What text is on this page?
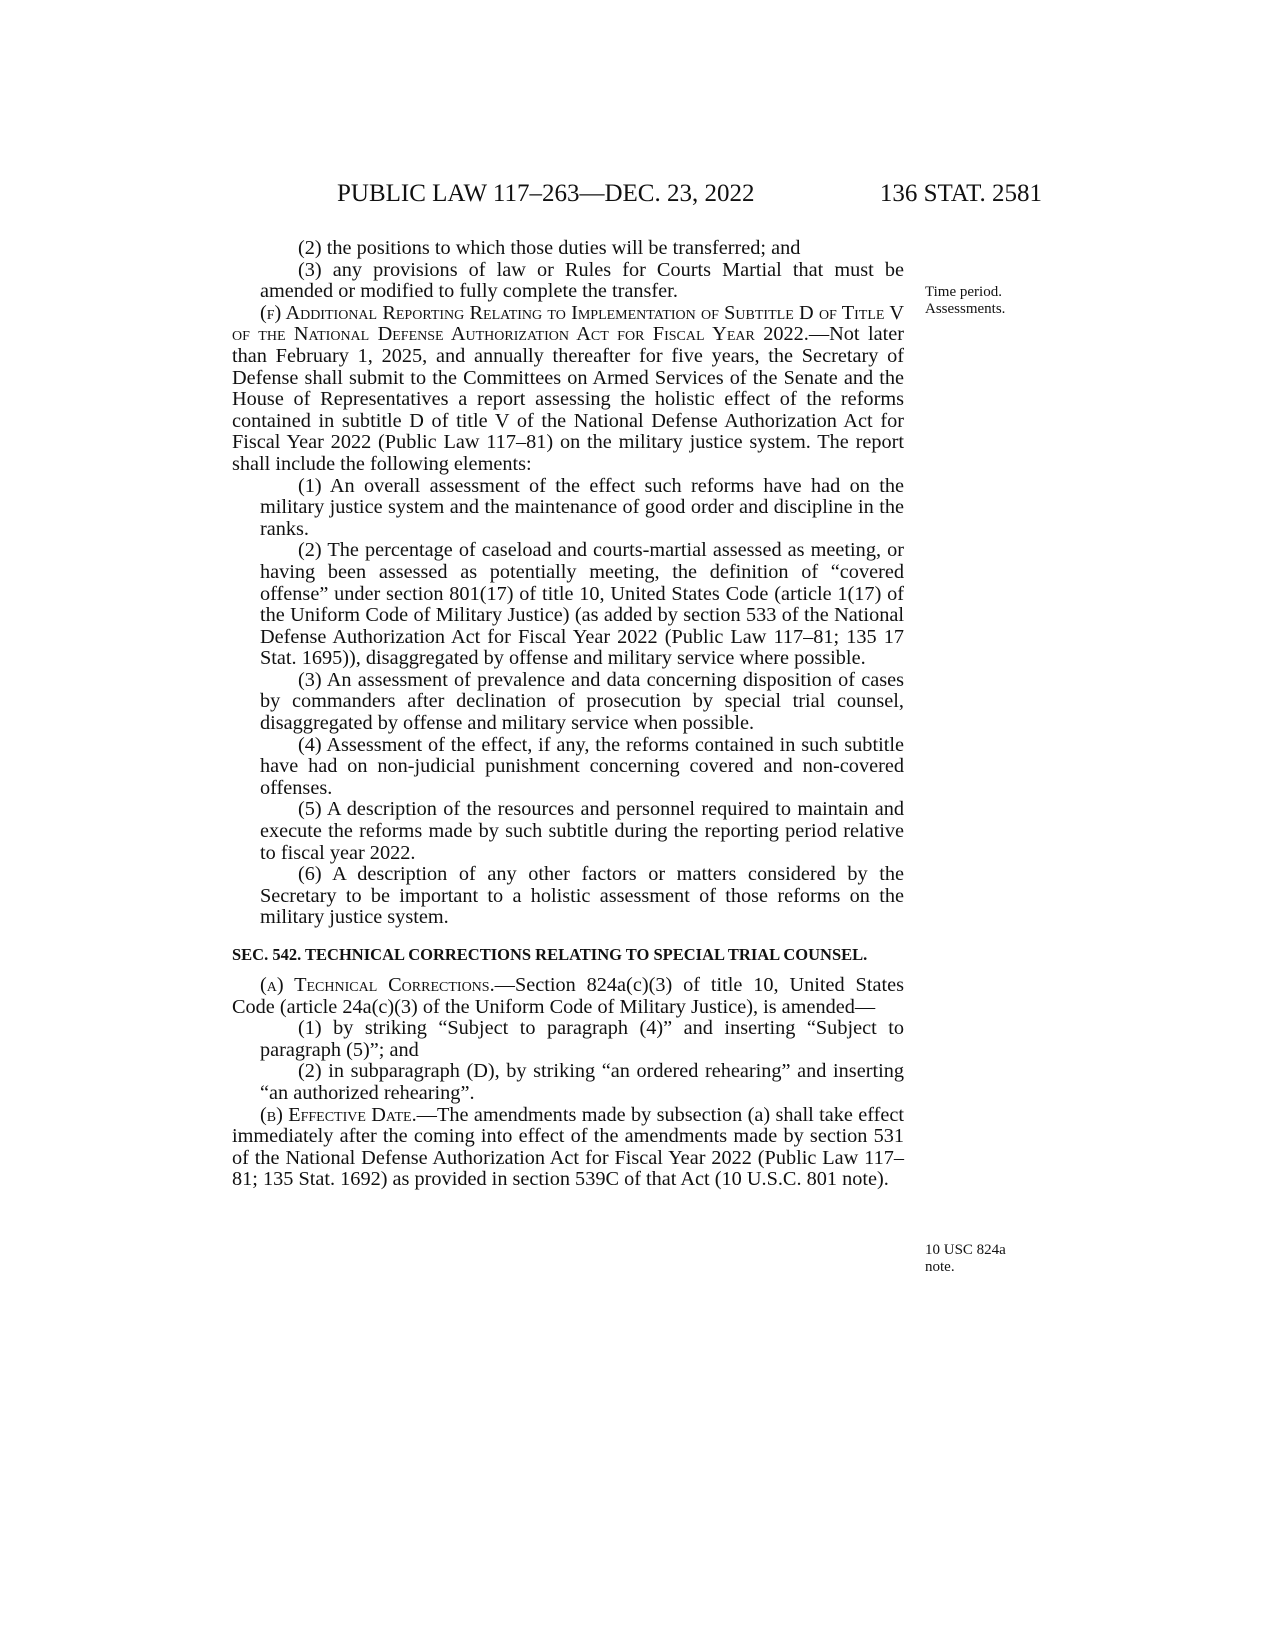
PUBLIC LAW 117–263—DEC. 23, 2022	136 STAT. 2581

(2) the positions to which those duties will be transferred; and

(3) any provisions of law or Rules for Courts Martial that must be amended or modified to fully complete the transfer.

(f) Additional Reporting Relating to Implementation of Subtitle D of Title V of the National Defense Authorization Act for Fiscal Year 2022.—Not later than February 1, 2025, and annually thereafter for five years, the Secretary of Defense shall submit to the Committees on Armed Services of the Senate and the House of Representatives a report assessing the holistic effect of the reforms contained in subtitle D of title V of the National Defense Authorization Act for Fiscal Year 2022 (Public Law 117–81) on the military justice system. The report shall include the following elements:

(1) An overall assessment of the effect such reforms have had on the military justice system and the maintenance of good order and discipline in the ranks.

(2) The percentage of caseload and courts-martial assessed as meeting, or having been assessed as potentially meeting, the definition of “covered offense” under section 801(17) of title 10, United States Code (article 1(17) of the Uniform Code of Military Justice) (as added by section 533 of the National Defense Authorization Act for Fiscal Year 2022 (Public Law 117–81; 135 17 Stat. 1695)), disaggregated by offense and military service where possible.

(3) An assessment of prevalence and data concerning disposition of cases by commanders after declination of prosecution by special trial counsel, disaggregated by offense and military service when possible.

(4) Assessment of the effect, if any, the reforms contained in such subtitle have had on non-judicial punishment concerning covered and non-covered offenses.

(5) A description of the resources and personnel required to maintain and execute the reforms made by such subtitle during the reporting period relative to fiscal year 2022.

(6) A description of any other factors or matters considered by the Secretary to be important to a holistic assessment of those reforms on the military justice system.

SEC. 542. TECHNICAL CORRECTIONS RELATING TO SPECIAL TRIAL COUNSEL.

(a) Technical Corrections.—Section 824a(c)(3) of title 10, United States Code (article 24a(c)(3) of the Uniform Code of Military Justice), is amended—

(1) by striking “Subject to paragraph (4)” and inserting “Subject to paragraph (5)”; and

(2) in subparagraph (D), by striking “an ordered rehearing” and inserting “an authorized rehearing”.

(b) Effective Date.—The amendments made by subsection (a) shall take effect immediately after the coming into effect of the amendments made by section 531 of the National Defense Authorization Act for Fiscal Year 2022 (Public Law 117–81; 135 Stat. 1692) as provided in section 539C of that Act (10 U.S.C. 801 note).

Time period.
Assessments.
10 USC 824a
note.
